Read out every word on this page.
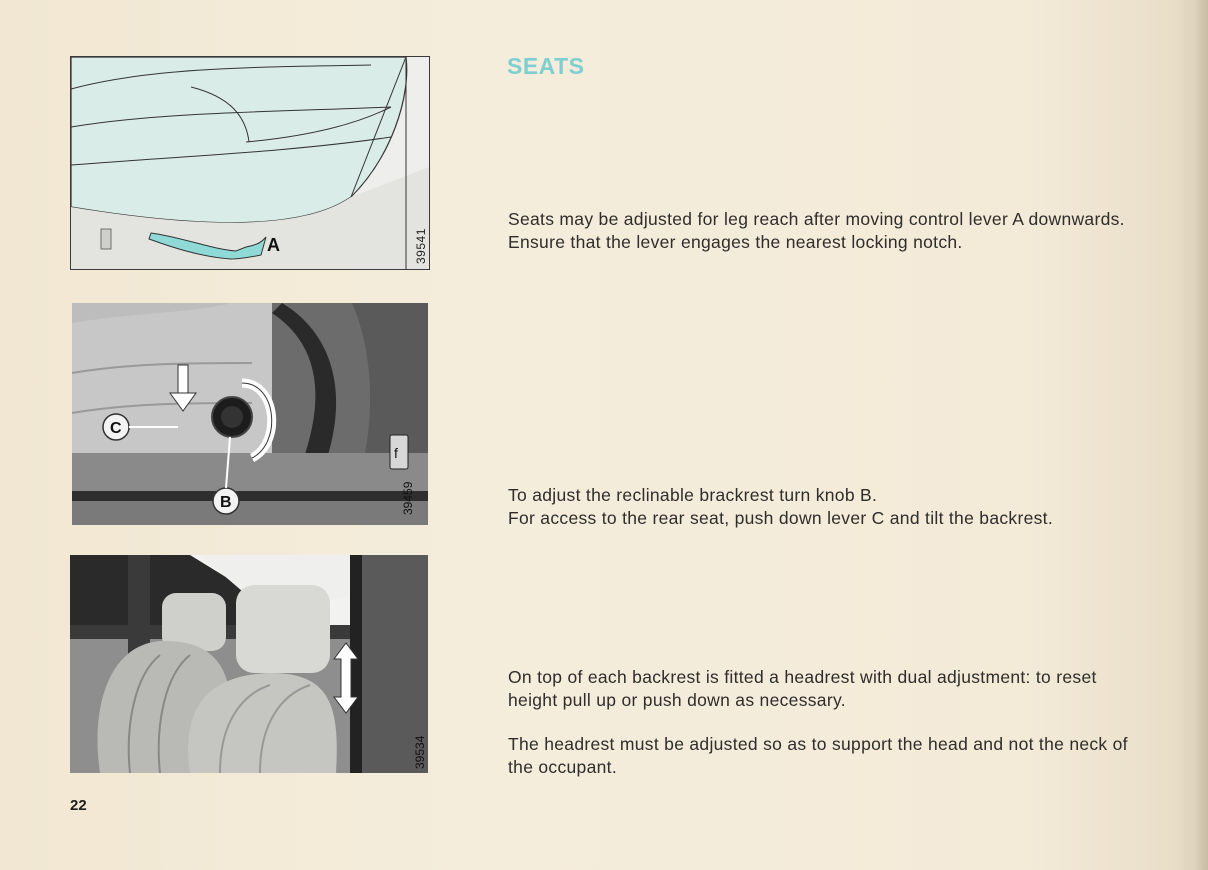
A	39541
C
B
f
39459
39534
SEATS

Seats may be adjusted for leg reach after moving control lever A downwards.

Ensure that the lever engages the nearest locking notch.

To adjust the reclinable brackrest turn knob B.

For access to the rear seat, push down lever C and tilt the backrest.

On top of each backrest is fitted a headrest with dual adjustment: to reset height pull up or push down as necessary.

The headrest must be adjusted so as to support the head and not the neck of the occupant.

22
